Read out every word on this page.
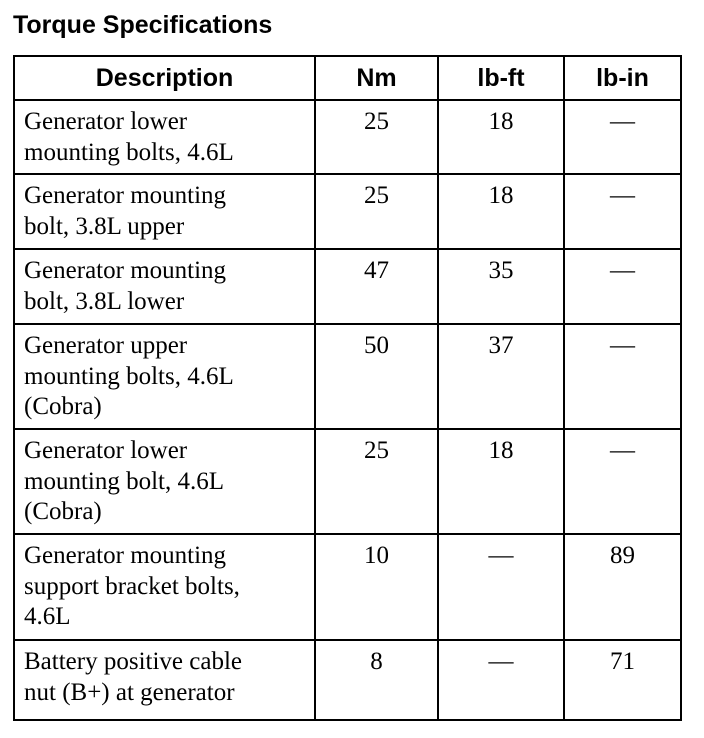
Torque Specifications
Description	Nm	lb-ft	lb-in
Generator lower
mounting bolts, 4.6L	25	18	—
Generator mounting
bolt, 3.8L upper	25	18	—
Generator mounting
bolt, 3.8L lower	47	35	—
Generator upper
mounting bolts, 4.6L
(Cobra)	50	37	—
Generator lower
mounting bolt, 4.6L
(Cobra)	25	18	—
Generator mounting
support bracket bolts,
4.6L	10	—	89
Battery positive cable
nut (B+) at generator	8	—	71
